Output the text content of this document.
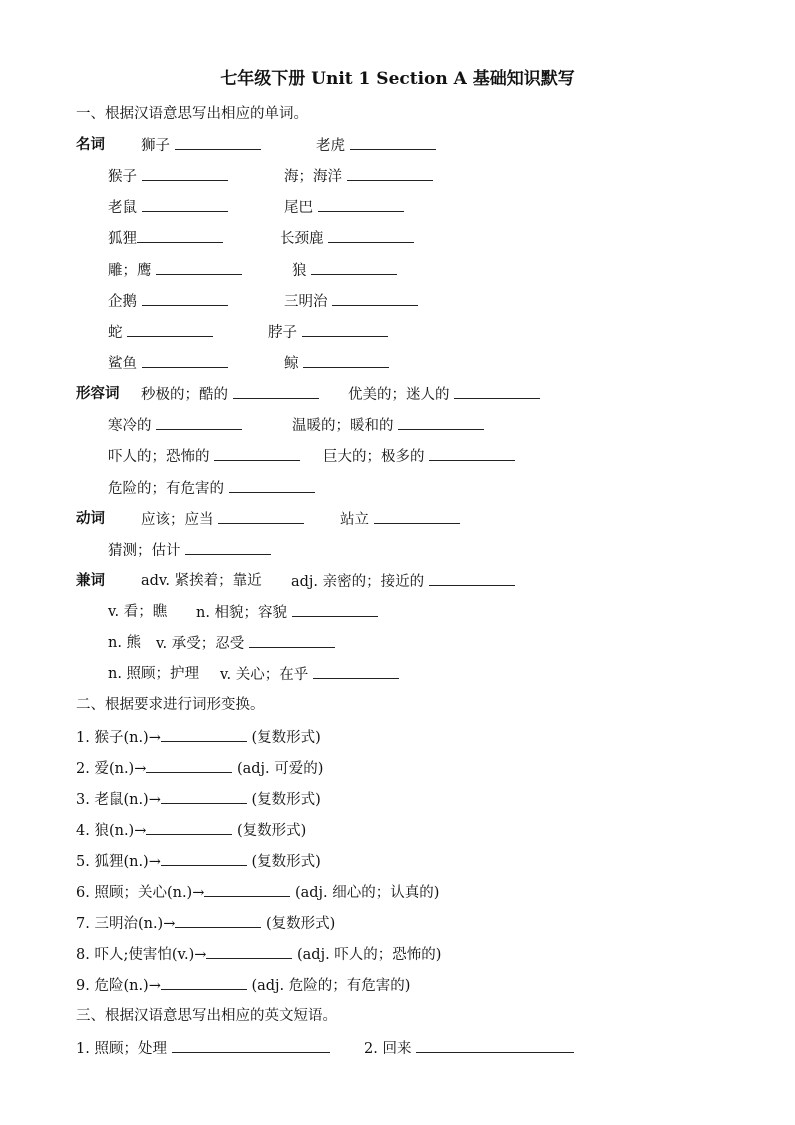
七年级下册 Unit 1 Section A 基础知识默写
一、根据汉语意思写出相应的单词。
名词 狮子	老虎
猴子	海；海洋
老鼠	尾巴
狐狸	长颈鹿
雕；鹰	狼
企鹅	三明治
蛇	脖子
鲨鱼	鲸
形容词 秒极的；酷的	优美的；迷人的
寒冷的	温暖的；暖和的
吓人的；恐怖的	巨大的；极多的
危险的；有危害的
动词 应该；应当	站立
猜测；估计
兼词 adv. 紧挨着；靠近 adj. 亲密的；接近的
v. 看；瞧 n. 相貌；容貌
n. 熊 v. 承受；忍受
n. 照顾；护理 v. 关心；在乎
二、根据要求进行词形变换。
1. 猴子(n.)→	(复数形式)
2. 爱(n.)→	(adj. 可爱的)
3. 老鼠(n.)→	(复数形式)
4. 狼(n.)→	(复数形式)
5. 狐狸(n.)→	(复数形式)
6. 照顾；关心(n.)→	(adj. 细心的；认真的)
7. 三明治(n.)→	(复数形式)
8. 吓人;使害怕(v.)→	(adj. 吓人的；恐怖的)
9. 危险(n.)→	(adj. 危险的；有危害的)
三、根据汉语意思写出相应的英文短语。
1. 照顾；处理	2. 回来
